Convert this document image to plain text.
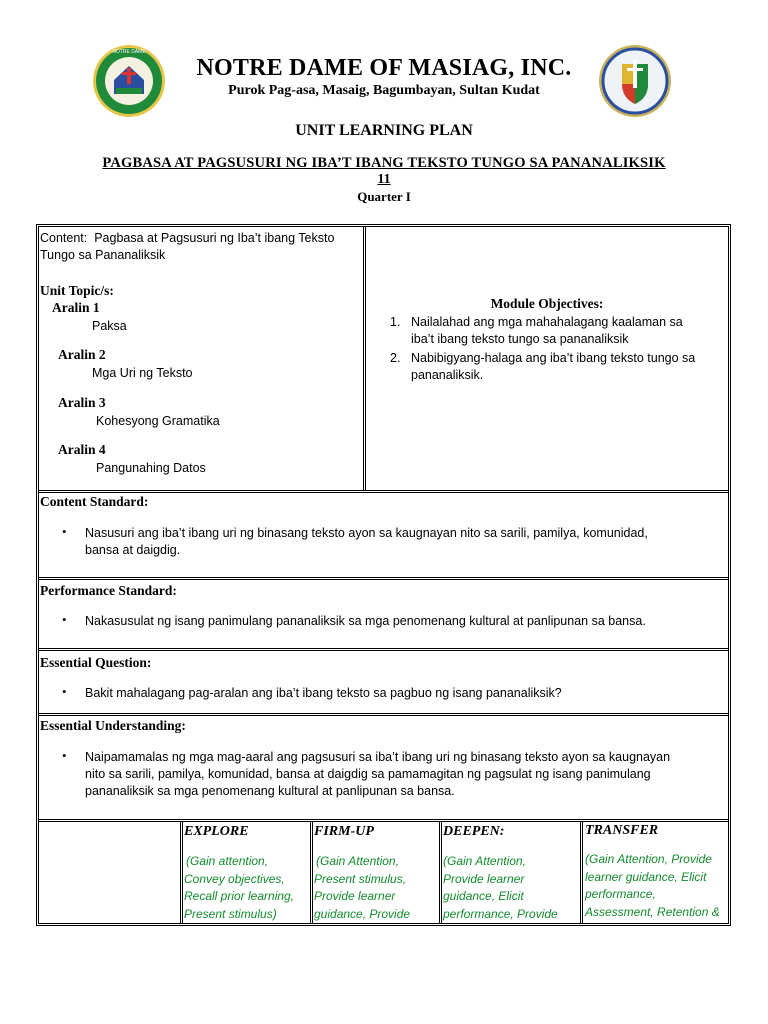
NOTRE DAME
NOTRE DAME OF MASIAG, INC.
Purok Pag-asa, Masaig, Bagumbayan, Sultan Kudat
UNIT LEARNING PLAN
PAGBASA AT PAGSUSURI NG IBA’T IBANG TEKSTO TUNGO SA PANANALIKSIK
11
Quarter I
Content: Pagbasa at Pagsusuri ng Iba’t ibang Teksto
Tungo sa Pananaliksik
Unit Topic/s:
Aralin 1
Paksa
Aralin 2
Mga Uri ng Teksto
Aralin 3
Kohesyong Gramatika
Aralin 4
Pangunahing Datos
Module Objectives:
1. Nailalahad ang mga mahahalagang kaalaman sa
iba’t ibang teksto tungo sa pananaliksik
2. Nabibigyang-halaga ang iba’t ibang teksto tungo sa
pananaliksik.
Content Standard:
• Nasusuri ang iba’t ibang uri ng binasang teksto ayon sa kaugnayan nito sa sarili, pamilya, komunidad,
bansa at daigdig.
Performance Standard:
• Nakasusulat ng isang panimulang pananaliksik sa mga penomenang kultural at panlipunan sa bansa.
Essential Question:
• Bakit mahalagang pag-aralan ang iba’t ibang teksto sa pagbuo ng isang pananaliksik?
Essential Understanding:
• Naipamamalas ng mga mag-aaral ang pagsusuri sa iba’t ibang uri ng binasang teksto ayon sa kaugnayan
nito sa sarili, pamilya, komunidad, bansa at daigdig sa pamamagitan ng pagsulat ng isang panimulang
pananaliksik sa mga penomenang kultural at panlipunan sa bansa.
EXPLORE
(Gain attention,
Convey objectives,
Recall prior learning,
Present stimulus)
FIRM-UP
(Gain Attention,
Present stimulus,
Provide learner
guidance, Provide
DEEPEN:
(Gain Attention,
Provide learner
guidance, Elicit
performance, Provide
TRANSFER
(Gain Attention, Provide
learner guidance, Elicit
performance,
Assessment, Retention &
